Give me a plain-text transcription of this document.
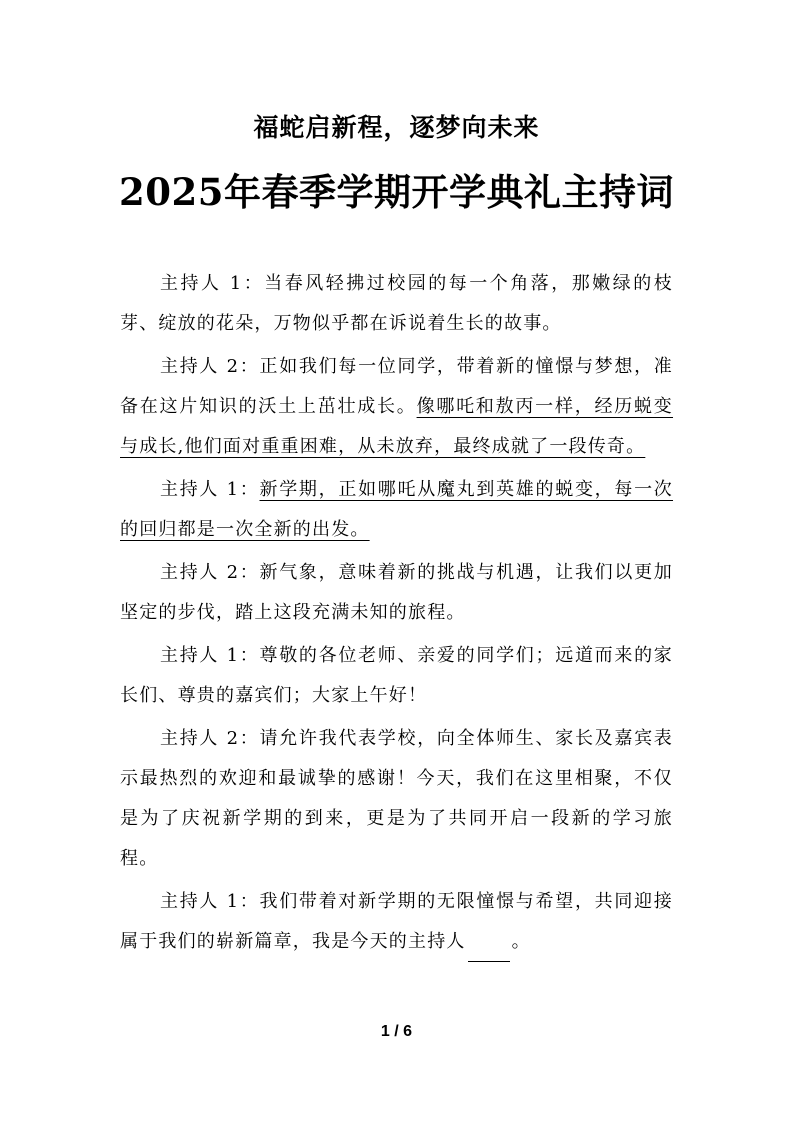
福蛇启新程，逐梦向未来
2025年春季学期开学典礼主持词

主持人 1：当春风轻拂过校园的每一个角落，那嫩绿的枝芽、绽放的花朵，万物似乎都在诉说着生长的故事。

主持人 2：正如我们每一位同学，带着新的憧憬与梦想，准备在这片知识的沃土上茁壮成长。像哪吒和敖丙一样，经历蜕变与成长,他们面对重重困难，从未放弃，最终成就了一段传奇。

主持人 1：新学期，正如哪吒从魔丸到英雄的蜕变，每一次的回归都是一次全新的出发。

主持人 2：新气象，意味着新的挑战与机遇，让我们以更加坚定的步伐，踏上这段充满未知的旅程。

主持人 1：尊敬的各位老师、亲爱的同学们；远道而来的家长们、尊贵的嘉宾们；大家上午好！

主持人 2：请允许我代表学校，向全体师生、家长及嘉宾表示最热烈的欢迎和最诚挚的感谢！今天，我们在这里相聚，不仅是为了庆祝新学期的到来，更是为了共同开启一段新的学习旅程。

主持人 1：我们带着对新学期的无限憧憬与希望，共同迎接属于我们的崭新篇章，我是今天的主持人	。

1 / 6
